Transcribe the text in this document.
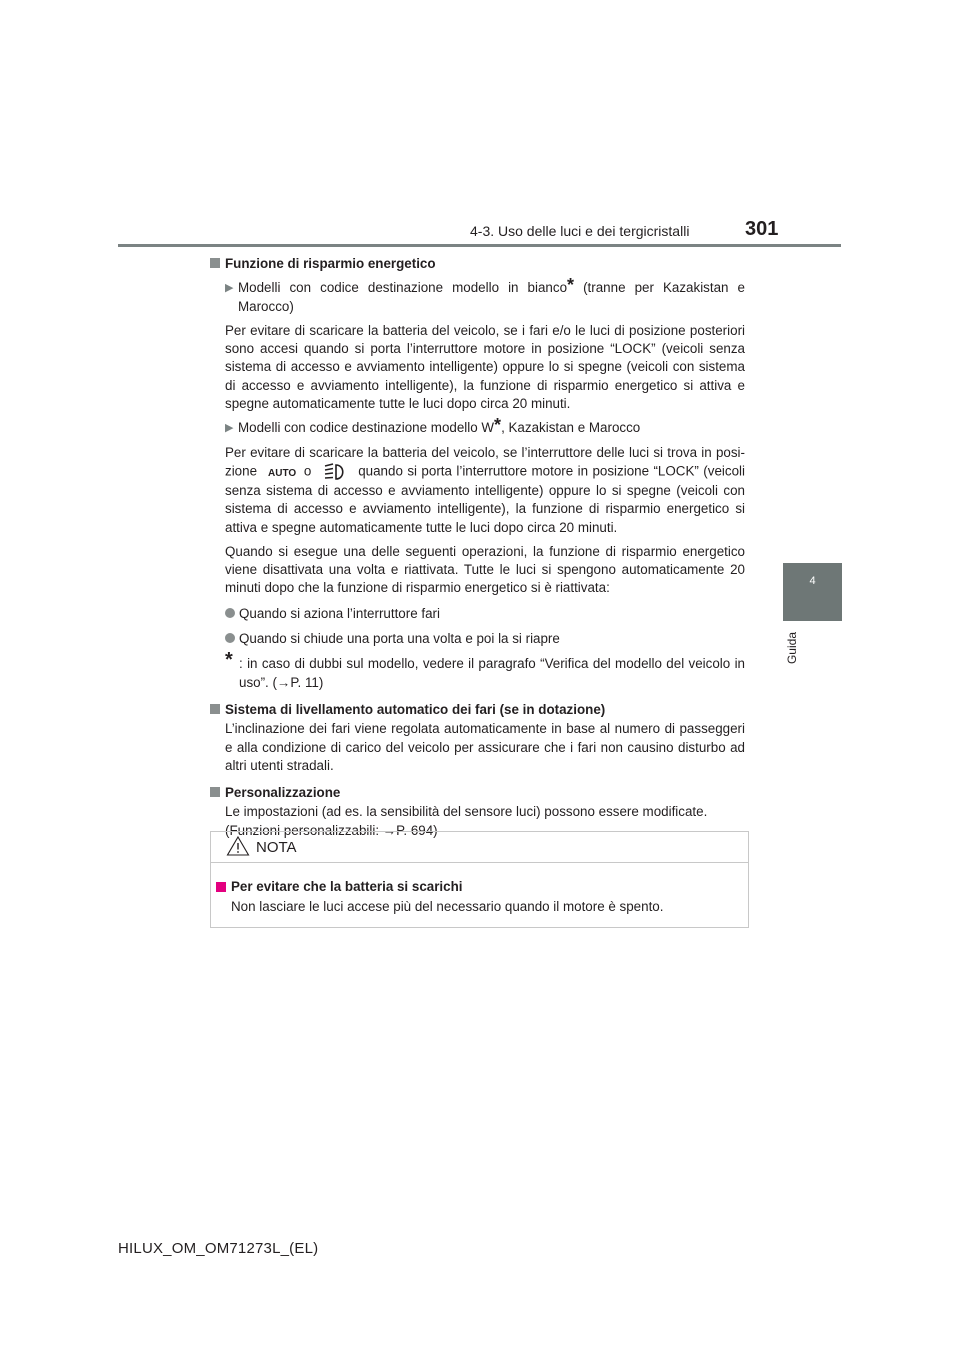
4-3. Uso delle luci e dei tergicristalli	301
4
Guida
Funzione di risparmio energetico
▶ Modelli con codice destinazione modello in bianco* (tranne per Kazakistan e Marocco)
Per evitare di scaricare la batteria del veicolo, se i fari e/o le luci di posizione posteriori sono accesi quando si porta l’interruttore motore in posizione “LOCK” (veicoli senza sistema di accesso e avviamento intelligente) oppure lo si spegne (veicoli con sistema di accesso e avviamento intelligente), la funzione di risparmio energetico si attiva e spegne automaticamente tutte le luci dopo circa 20 minuti.
▶ Modelli con codice destinazione modello W*, Kazakistan e Marocco
Per evitare di scaricare la batteria del veicolo, se l’interruttore delle luci si trova in posi- zione AUTO o	quando si porta l’interruttore motore in posizione “LOCK” (veicoli senza sistema di accesso e avviamento intelligente) oppure lo si spegne (veicoli con sistema di accesso e avviamento intelligente), la funzione di risparmio energetico si attiva e spegne automaticamente tutte le luci dopo circa 20 minuti.
Quando si esegue una delle seguenti operazioni, la funzione di risparmio energetico viene disattivata una volta e riattivata. Tutte le luci si spengono automaticamente 20 minuti dopo che la funzione di risparmio energetico si è riattivata:
Quando si aziona l’interruttore fari
Quando si chiude una porta una volta e poi la si riapre
* : in caso di dubbi sul modello, vedere il paragrafo “Verifica del modello del veicolo in uso”. (→P. 11)
Sistema di livellamento automatico dei fari (se in dotazione)
L’inclinazione dei fari viene regolata automaticamente in base al numero di passeggeri e alla condizione di carico del veicolo per assicurare che i fari non causino disturbo ad altri utenti stradali.
Personalizzazione
Le impostazioni (ad es. la sensibilità del sensore luci) possono essere modificate.
(Funzioni personalizzabili: →P. 694)
NOTA
Per evitare che la batteria si scarichi
Non lasciare le luci accese più del necessario quando il motore è spento.
HILUX_OM_OM71273L_(EL)
